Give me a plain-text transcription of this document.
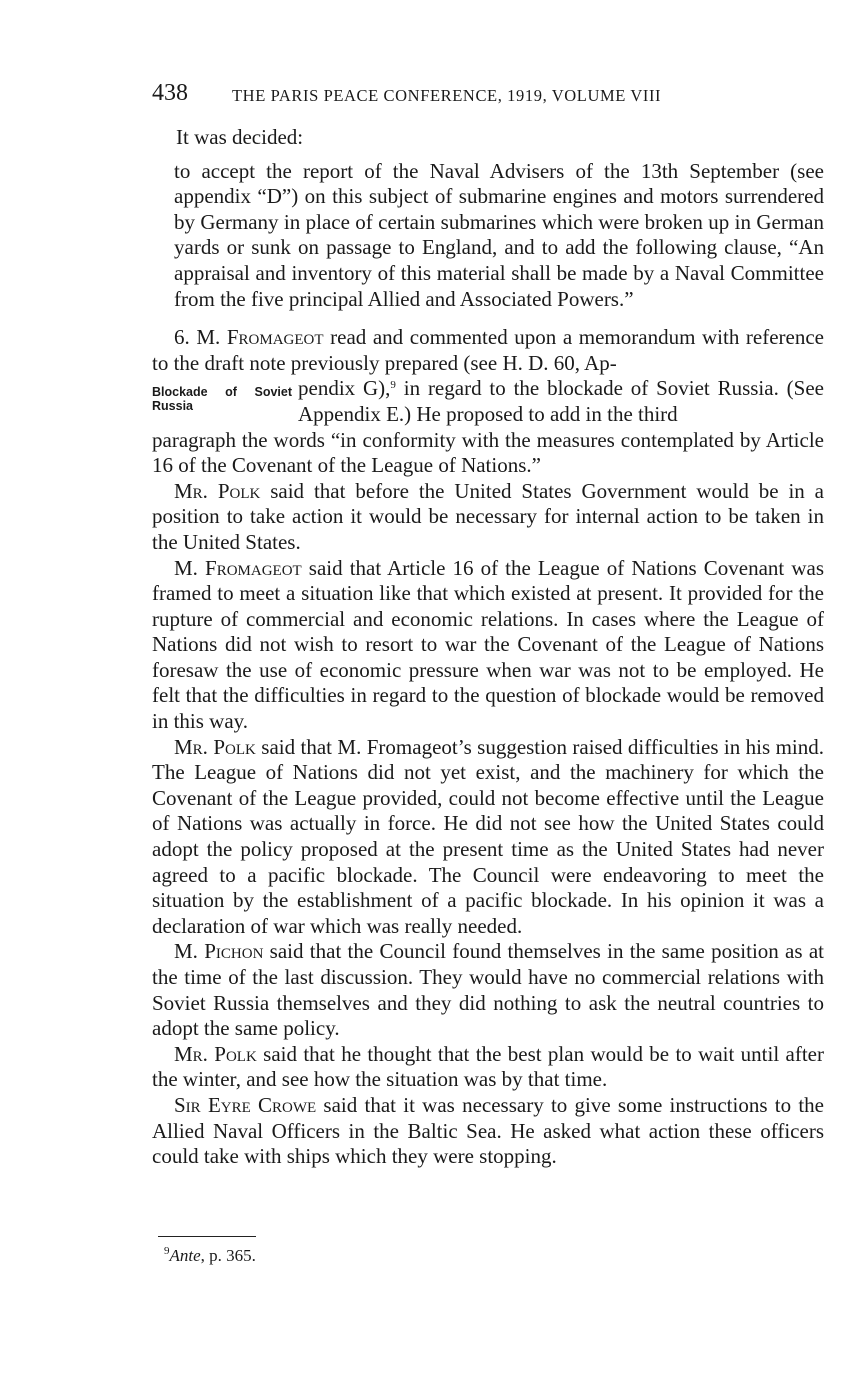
438	THE PARIS PEACE CONFERENCE, 1919, VOLUME VIII

It was decided:

to accept the report of the Naval Advisers of the 13th September (see appendix “D”) on this subject of submarine engines and motors surrendered by Germany in place of certain submarines which were broken up in German yards or sunk on passage to England, and to add the following clause, “An appraisal and inventory of this material shall be made by a Naval Committee from the five principal Allied and Associated Powers.”

6. M. Fromageot read and commented upon a memorandum with reference to the draft note previously prepared (see H. D. 60, Ap-

Blockade of Soviet Russia

pendix G),$^9$ in regard to the blockade of Soviet Russia. (See Appendix E.) He proposed to add in the third

paragraph the words “in conformity with the measures contemplated by Article 16 of the Covenant of the League of Nations.”

Mr. Polk said that before the United States Government would be in a position to take action it would be necessary for internal action to be taken in the United States.

M. Fromageot said that Article 16 of the League of Nations Covenant was framed to meet a situation like that which existed at present. It provided for the rupture of commercial and economic relations. In cases where the League of Nations did not wish to resort to war the Covenant of the League of Nations foresaw the use of economic pressure when war was not to be employed. He felt that the difficulties in regard to the question of blockade would be removed in this way.

Mr. Polk said that M. Fromageot’s suggestion raised difficulties in his mind. The League of Nations did not yet exist, and the machinery for which the Covenant of the League provided, could not become effective until the League of Nations was actually in force. He did not see how the United States could adopt the policy proposed at the present time as the United States had never agreed to a pacific blockade. The Council were endeavoring to meet the situation by the establishment of a pacific blockade. In his opinion it was a declaration of war which was really needed.

M. Pichon said that the Council found themselves in the same position as at the time of the last discussion. They would have no commercial relations with Soviet Russia themselves and they did nothing to ask the neutral countries to adopt the same policy.

Mr. Polk said that he thought that the best plan would be to wait until after the winter, and see how the situation was by that time.

Sir Eyre Crowe said that it was necessary to give some instructions to the Allied Naval Officers in the Baltic Sea. He asked what action these officers could take with ships which they were stopping.

$^9$Ante, p. 365.
